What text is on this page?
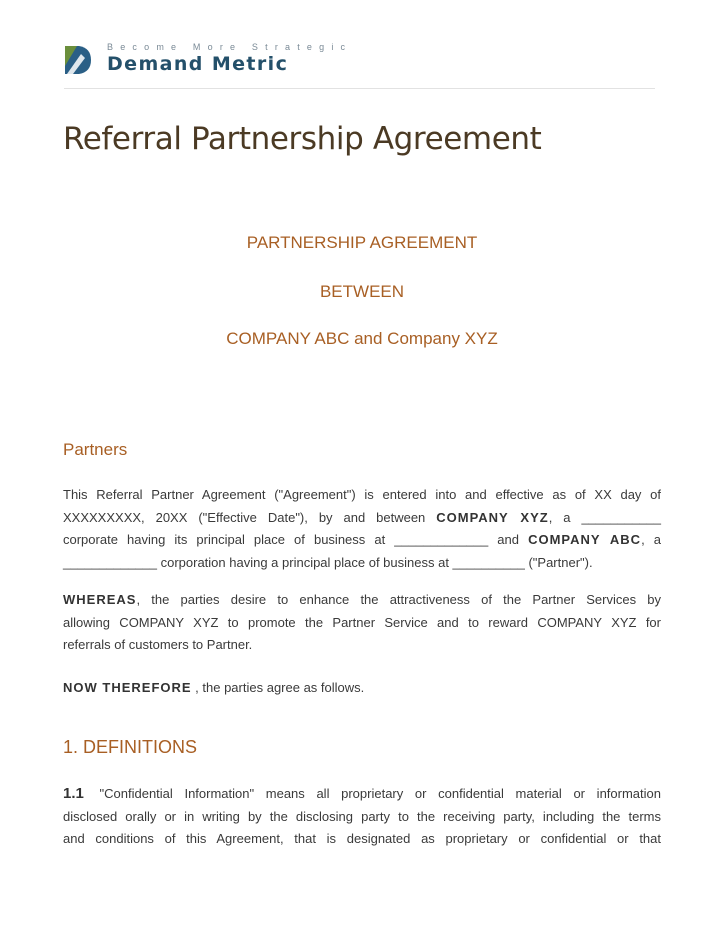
Become More Strategic
Demand Metric
Referral Partnership Agreement
PARTNERSHIP AGREEMENT
BETWEEN
COMPANY ABC and Company XYZ
Partners
This Referral Partner Agreement ("Agreement") is entered into and effective as of XX day of
XXXXXXXXX, 20XX ("Effective Date"), by and between COMPANY XYZ, a ___________
corporate having its principal place of business at _____________ and COMPANY ABC, a
_____________ corporation having a principal place of business at __________ ("Partner").
WHEREAS, the parties desire to enhance the attractiveness of the Partner Services by
allowing COMPANY XYZ to promote the Partner Service and to reward COMPANY XYZ for
referrals of customers to Partner.
NOW THEREFORE , the parties agree as follows.
1. DEFINITIONS
1.1 "Confidential Information" means all proprietary or confidential material or information
disclosed orally or in writing by the disclosing party to the receiving party, including the terms
and conditions of this Agreement, that is designated as proprietary or confidential or that
